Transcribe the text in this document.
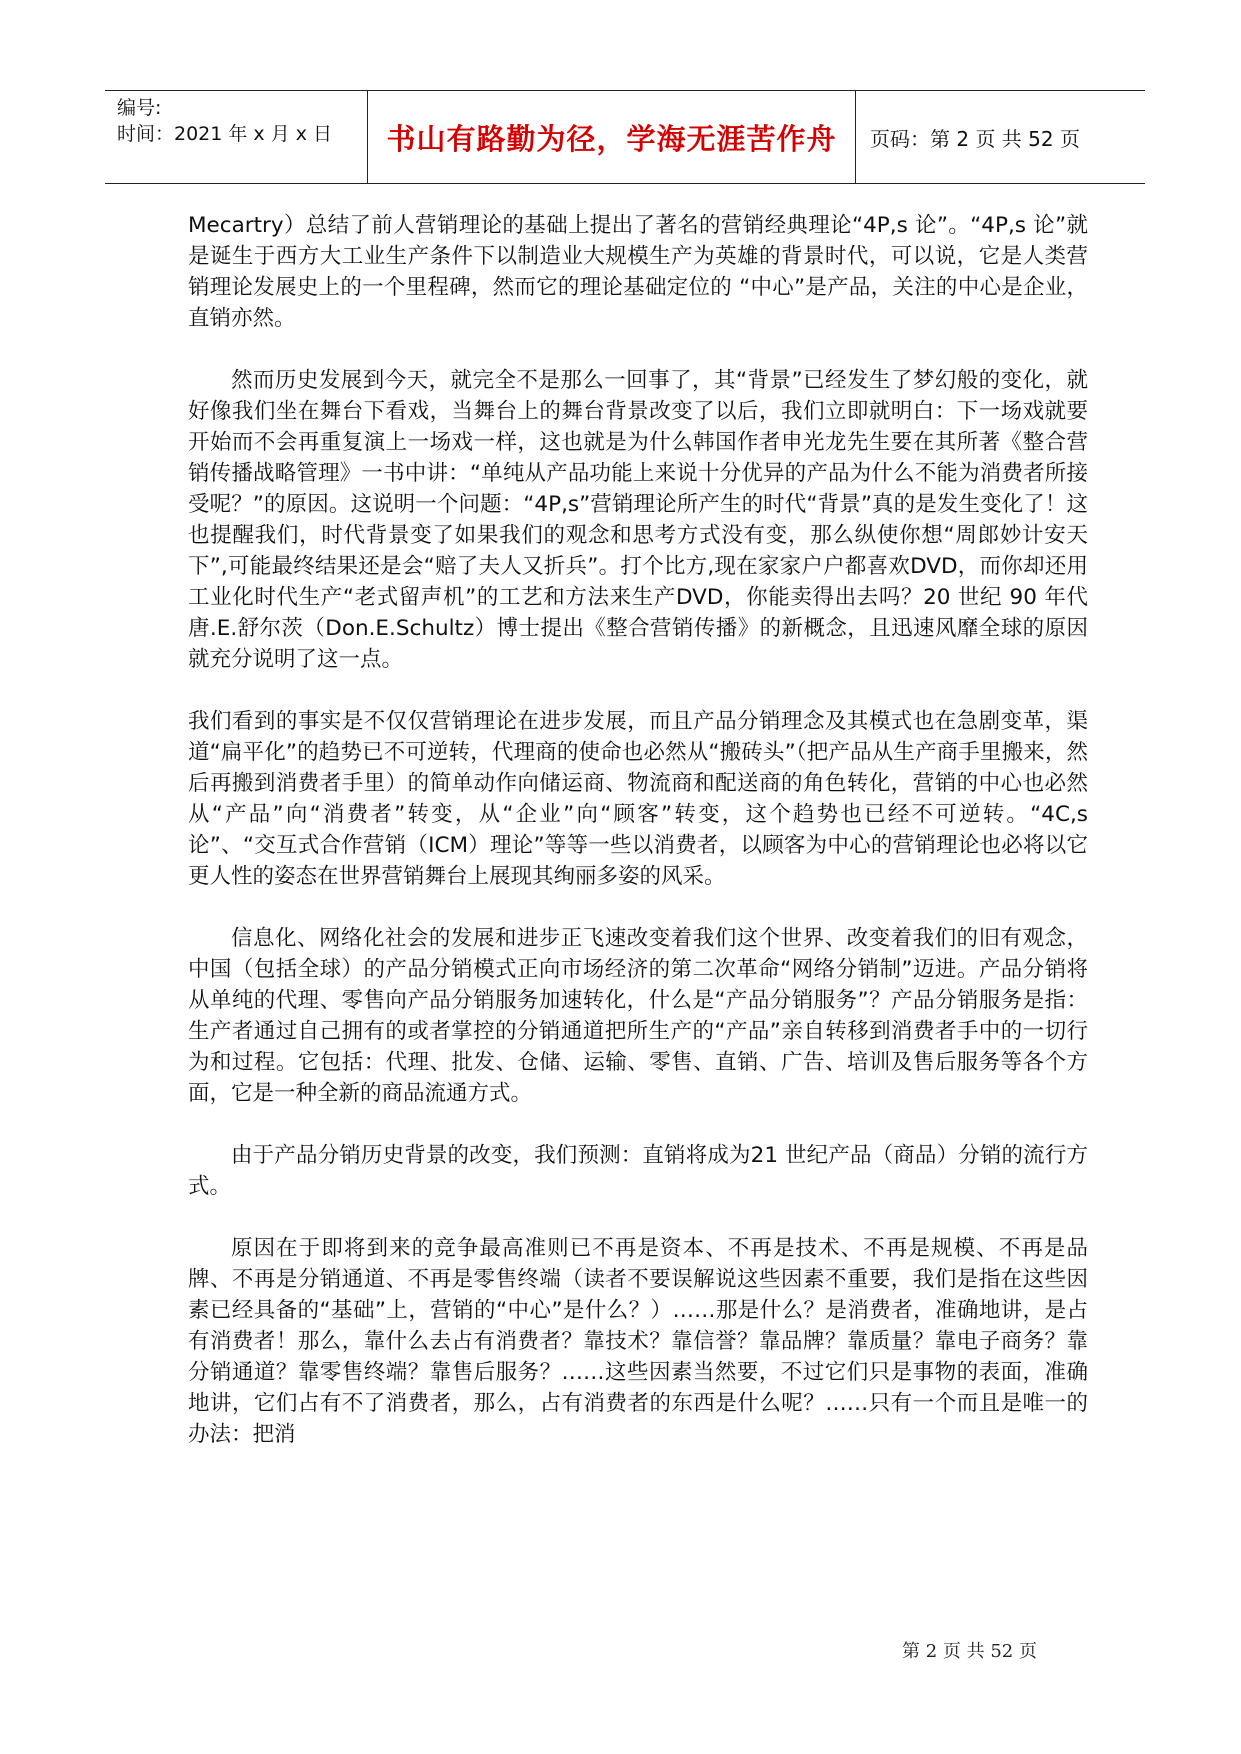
编号:
时间：2021 年 x 月 x 日	书山有路勤为径，学海无涯苦作舟	页码：第 2 页 共 52 页

Mecartry）总结了前人营销理论的基础上提出了著名的营销经典理论“4P,s 论”。“4P,s 论”就是诞生于西方大工业生产条件下以制造业大规模生产为英雄的背景时代，可以说，它是人类营销理论发展史上的一个里程碑，然而它的理论基础定位的 “中心”是产品，关注的中心是企业，直销亦然。

然而历史发展到今天，就完全不是那么一回事了，其“背景”已经发生了梦幻般的变化，就好像我们坐在舞台下看戏，当舞台上的舞台背景改变了以后，我们立即就明白：下一场戏就要开始而不会再重复演上一场戏一样，这也就是为什么韩国作者申光龙先生要在其所著《整合营销传播战略管理》一书中讲：“单纯从产品功能上来说十分优异的产品为什么不能为消费者所接受呢？”的原因。这说明一个问题：“4P,s”营销理论所产生的时代“背景”真的是发生变化了！这也提醒我们，时代背景变了如果我们的观念和思考方式没有变，那么纵使你想“周郎妙计安天下”,可能最终结果还是会“赔了夫人又折兵”。打个比方,现在家家户户都喜欢DVD，而你却还用工业化时代生产“老式留声机”的工艺和方法来生产DVD，你能卖得出去吗？20 世纪 90 年代唐.E.舒尔茨（Don.E.Schultz）博士提出《整合营销传播》的新概念，且迅速风靡全球的原因就充分说明了这一点。

我们看到的事实是不仅仅营销理论在进步发展，而且产品分销理念及其模式也在急剧变革，渠道“扁平化”的趋势已不可逆转，代理商的使命也必然从“搬砖头”（把产品从生产商手里搬来，然后再搬到消费者手里）的简单动作向储运商、物流商和配送商的角色转化，营销的中心也必然从“产品”向“消费者”转变，从“企业”向“顾客”转变，这个趋势也已经不可逆转。“4C,s 论”、“交互式合作营销（ICM）理论”等等一些以消费者，以顾客为中心的营销理论也必将以它更人性的姿态在世界营销舞台上展现其绚丽多姿的风采。

信息化、网络化社会的发展和进步正飞速改变着我们这个世界、改变着我们的旧有观念，中国（包括全球）的产品分销模式正向市场经济的第二次革命“网络分销制”迈进。产品分销将从单纯的代理、零售向产品分销服务加速转化，什么是“产品分销服务”？产品分销服务是指：生产者通过自己拥有的或者掌控的分销通道把所生产的“产品”亲自转移到消费者手中的一切行为和过程。它包括：代理、批发、仓储、运输、零售、直销、广告、培训及售后服务等各个方面，它是一种全新的商品流通方式。

由于产品分销历史背景的改变，我们预测：直销将成为21 世纪产品（商品）分销的流行方式。

原因在于即将到来的竞争最高准则已不再是资本、不再是技术、不再是规模、不再是品牌、不再是分销通道、不再是零售终端（读者不要误解说这些因素不重要，我们是指在这些因素已经具备的“基础”上，营销的“中心”是什么？）……那是什么？是消费者，准确地讲，是占有消费者！那么，靠什么去占有消费者？靠技术？靠信誉？靠品牌？靠质量？靠电子商务？靠分销通道？靠零售终端？靠售后服务？……这些因素当然要，不过它们只是事物的表面，准确地讲，它们占有不了消费者，那么，占有消费者的东西是什么呢？……只有一个而且是唯一的办法：把消

第 2 页 共 52 页
